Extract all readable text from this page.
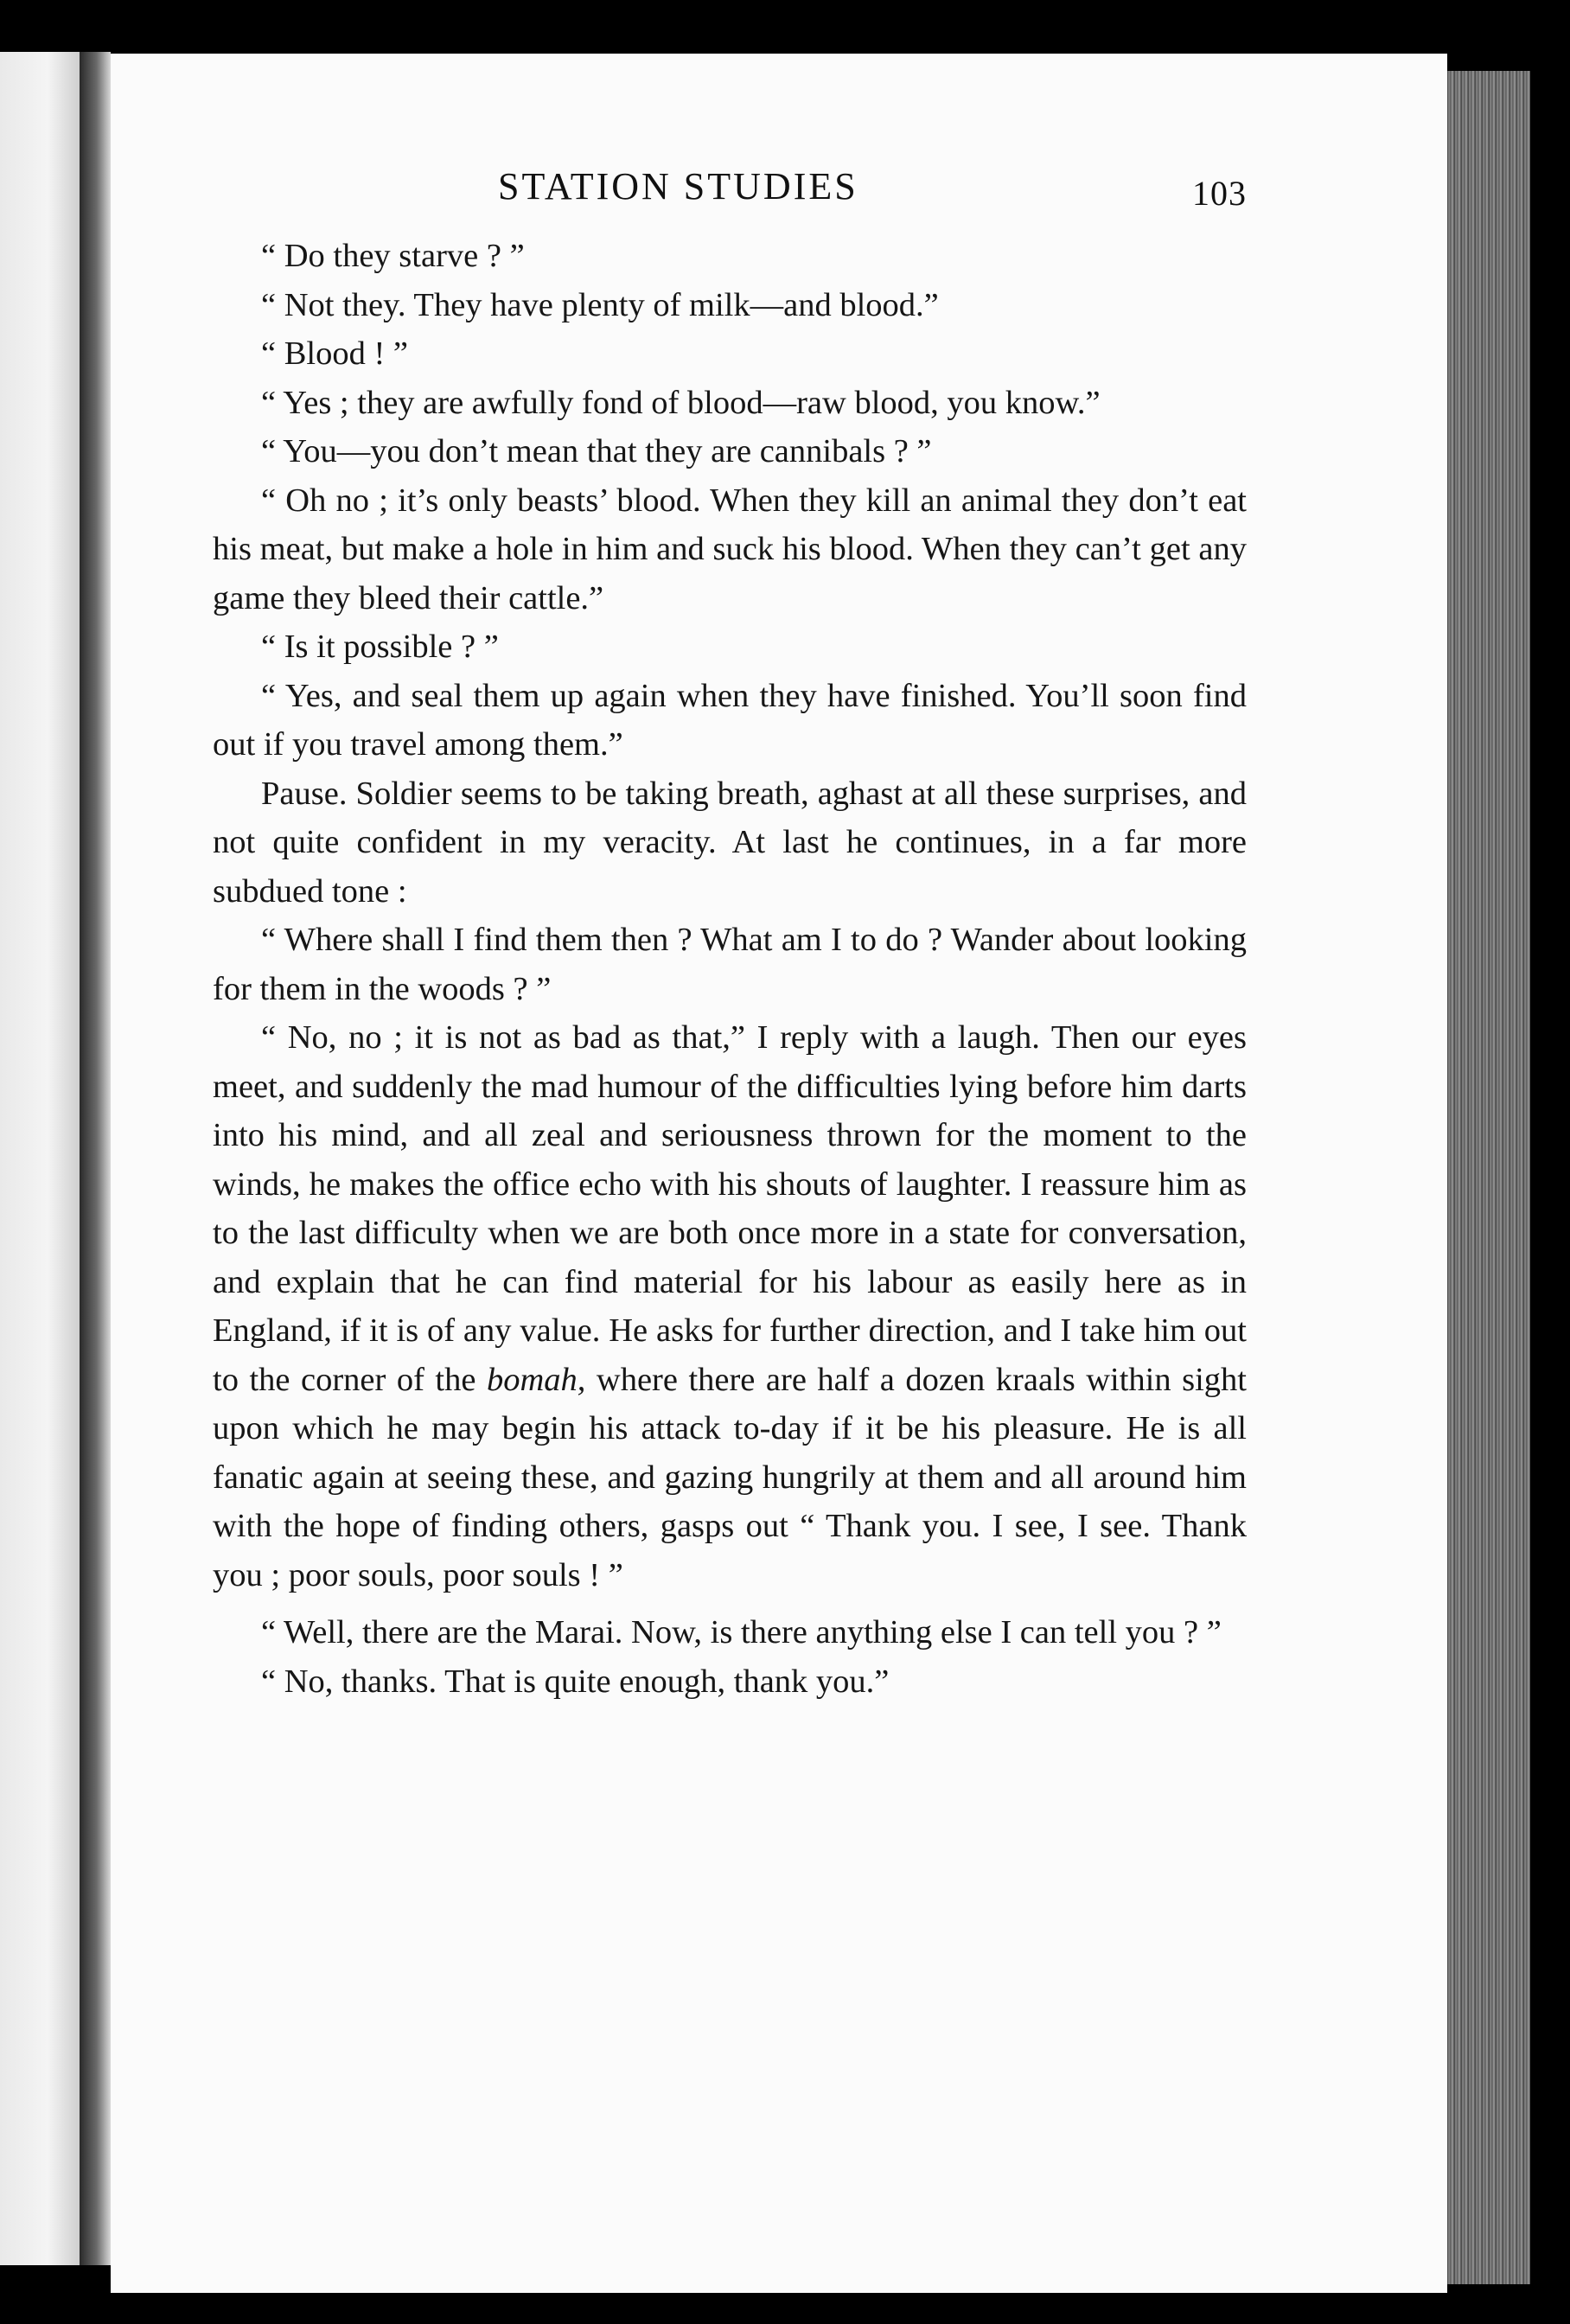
STATION STUDIES	103

“ Do they starve ? ”

“ Not they. They have plenty of milk—and blood.”

“ Blood ! ”

“ Yes ; they are awfully fond of blood—raw blood, you know.”

“ You—you don’t mean that they are cannibals ? ”

“ Oh no ; it’s only beasts’ blood. When they kill an animal they don’t eat his meat, but make a hole in him and suck his blood. When they can’t get any game they bleed their cattle.”

“ Is it possible ? ”

“ Yes, and seal them up again when they have finished. You’ll soon find out if you travel among them.”

Pause. Soldier seems to be taking breath, aghast at all these surprises, and not quite confident in my veracity. At last he continues, in a far more subdued tone :

“ Where shall I find them then ? What am I to do ? Wander about looking for them in the woods ? ”

“ No, no ; it is not as bad as that,” I reply with a laugh. Then our eyes meet, and suddenly the mad humour of the difficulties lying before him darts into his mind, and all zeal and seriousness thrown for the moment to the winds, he makes the office echo with his shouts of laughter. I reassure him as to the last difficulty when we are both once more in a state for conversation, and explain that he can find material for his labour as easily here as in England, if it is of any value. He asks for further direction, and I take him out to the corner of the bomah, where there are half a dozen kraals within sight upon which he may begin his attack to-day if it be his pleasure. He is all fanatic again at seeing these, and gazing hungrily at them and all around him with the hope of finding others, gasps out “ Thank you. I see, I see. Thank you ; poor souls, poor souls ! ”

“ Well, there are the Marai. Now, is there anything else I can tell you ? ”

“ No, thanks. That is quite enough, thank you.”
